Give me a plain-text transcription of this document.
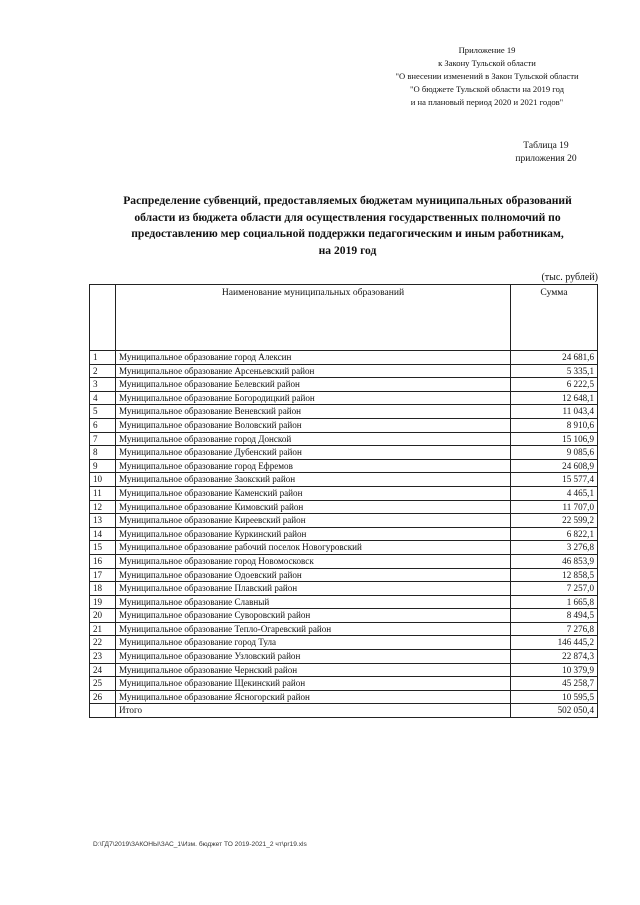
Приложение 19
к Закону Тульской области
"О внесении изменений в Закон Тульской области
"О бюджете Тульской области на 2019 год
и на плановый период 2020 и 2021 годов"
Таблица 19
приложения 20
Распределение субвенций, предоставляемых бюджетам муниципальных образований
области из бюджета области для осуществления государственных полномочий по
предоставлению мер социальной поддержки педагогическим и иным работникам,
на 2019 год
(тыс. рублей)
	Наименование муниципальных образований	Сумма
1	Муниципальное образование город Алексин	24 681,6
2	Муниципальное образование Арсеньевский район	5 335,1
3	Муниципальное образование Белевский район	6 222,5
4	Муниципальное образование Богородицкий район	12 648,1
5	Муниципальное образование Веневский район	11 043,4
6	Муниципальное образование Воловский район	8 910,6
7	Муниципальное образование город Донской	15 106,9
8	Муниципальное образование Дубенский район	9 085,6
9	Муниципальное образование город Ефремов	24 608,9
10	Муниципальное образование Заокский район	15 577,4
11	Муниципальное образование Каменский район	4 465,1
12	Муниципальное образование Кимовский район	11 707,0
13	Муниципальное образование Киреевский район	22 599,2
14	Муниципальное образование Куркинский район	6 822,1
15	Муниципальное образование рабочий поселок Новогуровский	3 276,8
16	Муниципальное образование город Новомосковск	46 853,9
17	Муниципальное образование Одоевский район	12 858,5
18	Муниципальное образование Плавский район	7 257,0
19	Муниципальное образование Славный	1 665,8
20	Муниципальное образование Суворовский район	8 494,5
21	Муниципальное образование Тепло-Огаревский район	7 276,8
22	Муниципальное образование город Тула	146 445,2
23	Муниципальное образование Узловский район	22 874,3
24	Муниципальное образование Чернский район	10 379,9
25	Муниципальное образование Щекинский район	45 258,7
26	Муниципальное образование Ясногорский район	10 595,5
	Итого	502 050,4
D:\ГД7\2019\ЗАКОНЫ\ЗАС_1\Изм. бюджет ТО 2019-2021_2 чт\pr19.xls
